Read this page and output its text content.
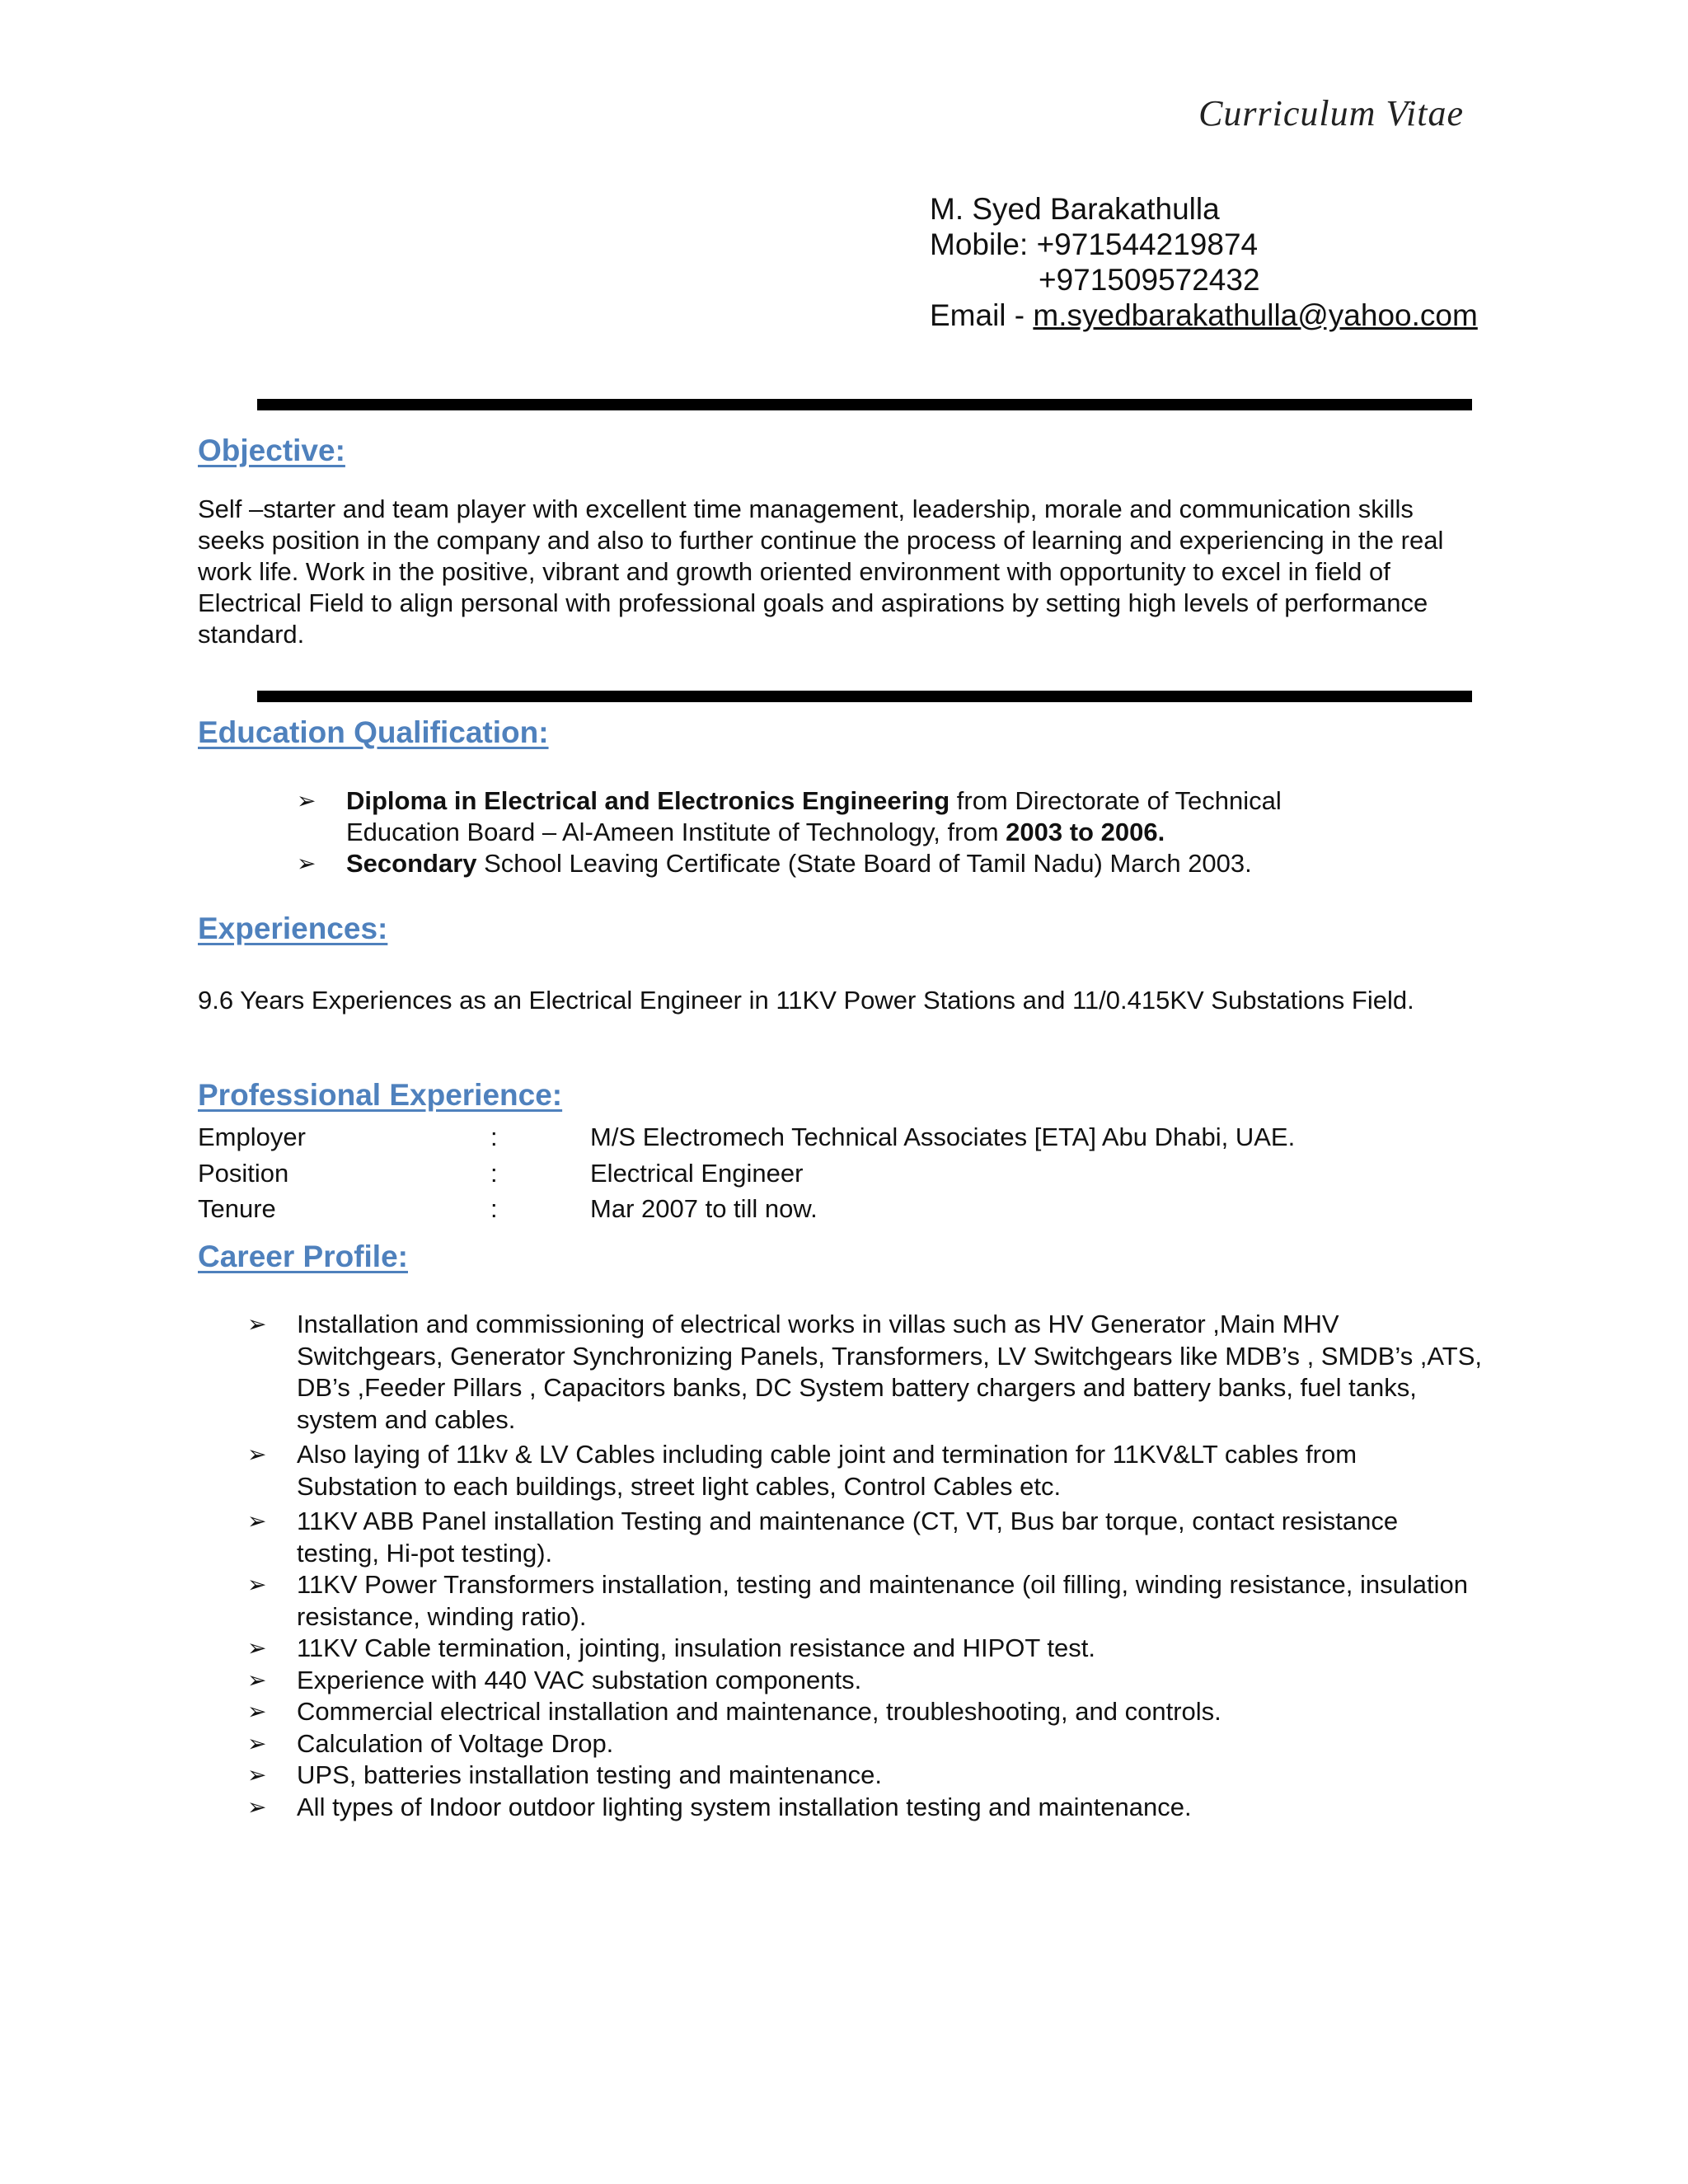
Curriculum Vitae
M. Syed Barakathulla
Mobile: +971544219874
+971509572432
Email - m.syedbarakathulla@yahoo.com
Objective:
Self –starter and team player with excellent time management, leadership, morale and communication skills seeks position in the company and also to further continue the process of learning and experiencing in the real work life. Work in the positive, vibrant and growth oriented environment with opportunity to excel in field of Electrical Field to align personal with professional goals and aspirations by setting high levels of performance standard.
Education Qualification:
➢ Diploma in Electrical and Electronics Engineering from Directorate of Technical Education Board – Al-Ameen Institute of Technology, from 2003 to 2006.
➢ Secondary School Leaving Certificate (State Board of Tamil Nadu) March 2003.
Experiences:
9.6 Years Experiences as an Electrical Engineer in 11KV Power Stations and 11/0.415KV Substations Field.
Professional Experience:
Employer	:	M/S Electromech Technical Associates [ETA] Abu Dhabi, UAE.
Position	:	Electrical Engineer
Tenure	:	Mar 2007 to till now.
Career Profile:
➢ Installation and commissioning of electrical works in villas such as HV Generator ,Main MHV Switchgears, Generator Synchronizing Panels, Transformers, LV Switchgears like MDB’s , SMDB’s ,ATS, DB’s ,Feeder Pillars , Capacitors banks, DC System battery chargers and battery banks, fuel tanks, system and cables.
➢ Also laying of 11kv & LV Cables including cable joint and termination for 11KV&LT cables from Substation to each buildings, street light cables, Control Cables etc.
➢ 11KV ABB Panel installation Testing and maintenance (CT, VT, Bus bar torque, contact resistance testing, Hi-pot testing).
➢ 11KV Power Transformers installation, testing and maintenance (oil filling, winding resistance, insulation resistance, winding ratio).
➢ 11KV Cable termination, jointing, insulation resistance and HIPOT test.
➢ Experience with 440 VAC substation components.
➢ Commercial electrical installation and maintenance, troubleshooting, and controls.
➢ Calculation of Voltage Drop.
➢ UPS, batteries installation testing and maintenance.
➢ All types of Indoor outdoor lighting system installation testing and maintenance.
